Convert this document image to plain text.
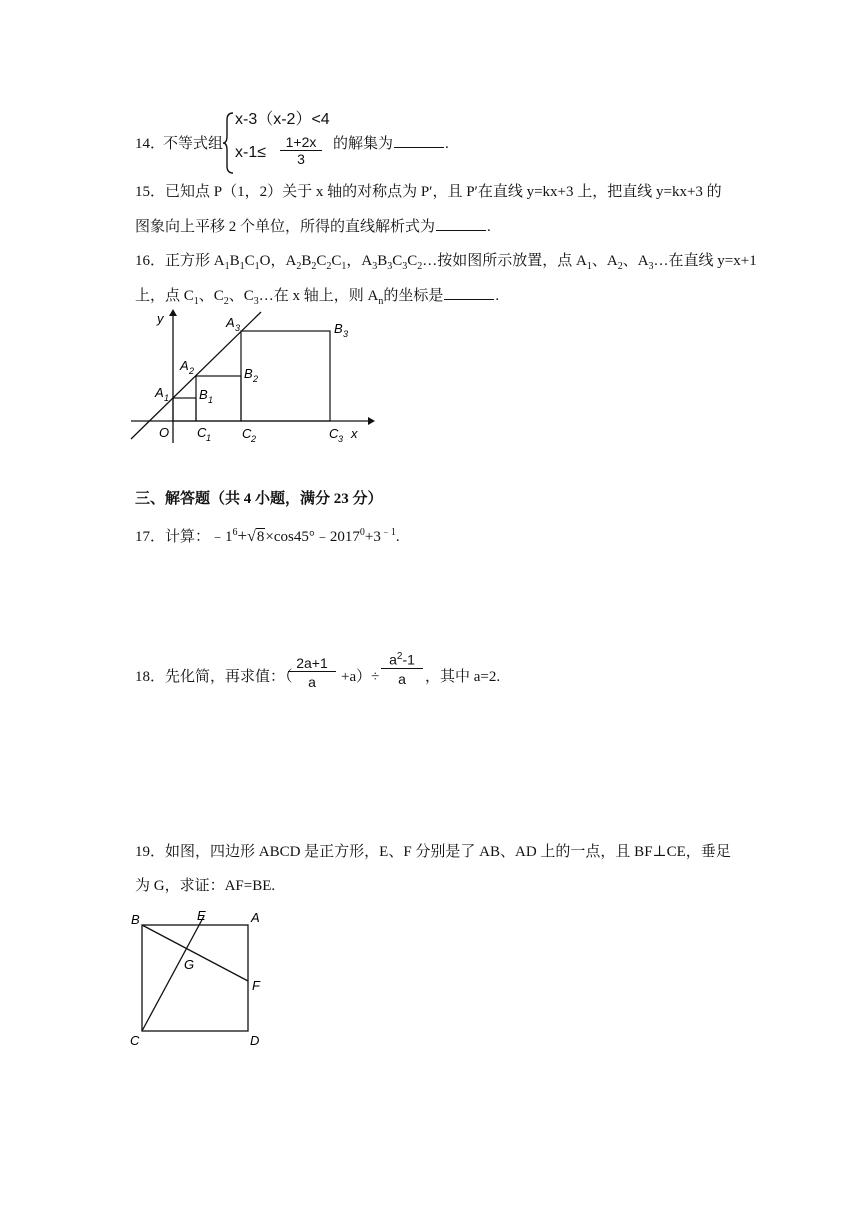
14．
不等式组
x-3（x-2）<4
$x-1\le \frac{1+2x}{3}$ 的解集为	.
15．已知点 P（1，2）关于 x 轴的对称点为 P′，且 P′在直线 y=kx+3 上，把直线 y=kx+3 的
图象向上平移 2 个单位，所得的直线解析式为	.
16．正方形 $A_1B_1C_1O$，$A_2B_2C_2C_1$，$A_3B_3C_3C_2\dots$按如图所示放置，点 $A_1$、$A_2$、$A_3\dots$在直线 y=x+1
上，点 $C_1$、$C_2$、$C_3\dots$在 x 轴上，则 $A_n$的坐标是	.
y
x
O
A 1
A 2
A 3
B 1
B 2
B 3
C 1 C 2	C 3
三、解答题（共 4 小题，满分 23 分）
17．计算：$﹣1^6+√8\times\cos 45^\circ﹣2017^0+3^{﹣1}$.
18．先化简，再求值：（
$\frac{2a+1}{a} +a)\div \frac{a^2-1}{a}$ ，其中 a=2.
19．如图，四边形 ABCD 是正方形，E、F 分别是了 AB、AD 上的一点，且 BF⊥CE，垂足
为 G，求证：AF=BE.
B	E	A
G
F
C	D
